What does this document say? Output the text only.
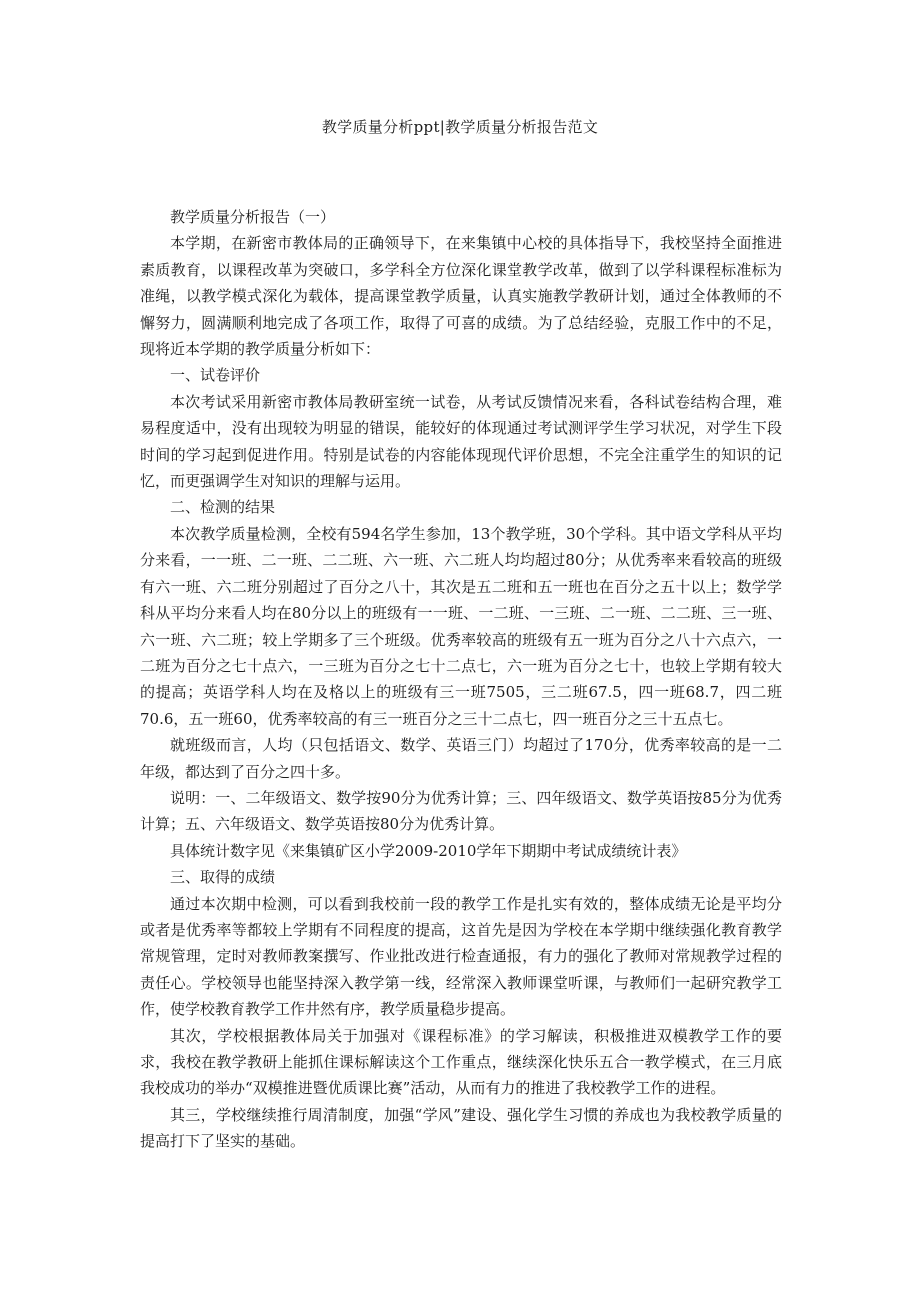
教学质量分析ppt|教学质量分析报告范文

教学质量分析报告（一）

本学期，在新密市教体局的正确领导下，在来集镇中心校的具体指导下，我校坚持全面推进素质教育，以课程改革为突破口，多学科全方位深化课堂教学改革，做到了以学科课程标准标为准绳，以教学模式深化为载体，提高课堂教学质量，认真实施教学教研计划，通过全体教师的不懈努力，圆满顺利地完成了各项工作，取得了可喜的成绩。为了总结经验，克服工作中的不足，现将近本学期的教学质量分析如下：

一、试卷评价

本次考试采用新密市教体局教研室统一试卷，从考试反馈情况来看，各科试卷结构合理，难易程度适中，没有出现较为明显的错误，能较好的体现通过考试测评学生学习状况，对学生下段时间的学习起到促进作用。特别是试卷的内容能体现现代评价思想，不完全注重学生的知识的记忆，而更强调学生对知识的理解与运用。

二、检测的结果

本次教学质量检测，全校有594名学生参加，13个教学班，30个学科。其中语文学科从平均分来看，一一班、二一班、二二班、六一班、六二班人均均超过80分；从优秀率来看较高的班级有六一班、六二班分别超过了百分之八十，其次是五二班和五一班也在百分之五十以上；数学学科从平均分来看人均在80分以上的班级有一一班、一二班、一三班、二一班、二二班、三一班、六一班、六二班；较上学期多了三个班级。优秀率较高的班级有五一班为百分之八十六点六，一二班为百分之七十点六，一三班为百分之七十二点七，六一班为百分之七十，也较上学期有较大的提高；英语学科人均在及格以上的班级有三一班7505，三二班67.5，四一班68.7，四二班70.6，五一班60，优秀率较高的有三一班百分之三十二点七，四一班百分之三十五点七。

就班级而言，人均（只包括语文、数学、英语三门）均超过了170分，优秀率较高的是一二年级，都达到了百分之四十多。

说明：一、二年级语文、数学按90分为优秀计算；三、四年级语文、数学英语按85分为优秀计算；五、六年级语文、数学英语按80分为优秀计算。

具体统计数字见《来集镇矿区小学2009-2010学年下期期中考试成绩统计表》

三、取得的成绩

通过本次期中检测，可以看到我校前一段的教学工作是扎实有效的，整体成绩无论是平均分或者是优秀率等都较上学期有不同程度的提高，这首先是因为学校在本学期中继续强化教育教学常规管理，定时对教师教案撰写、作业批改进行检查通报，有力的强化了教师对常规教学过程的责任心。学校领导也能坚持深入教学第一线，经常深入教师课堂听课，与教师们一起研究教学工作，使学校教育教学工作井然有序，教学质量稳步提高。

其次，学校根据教体局关于加强对《课程标准》的学习解读，积极推进双模教学工作的要求，我校在教学教研上能抓住课标解读这个工作重点，继续深化快乐五合一教学模式，在三月底我校成功的举办“双模推进暨优质课比赛”活动，从而有力的推进了我校教学工作的进程。

其三，学校继续推行周清制度，加强“学风”建设、强化学生习惯的养成也为我校教学质量的提高打下了坚实的基础。
